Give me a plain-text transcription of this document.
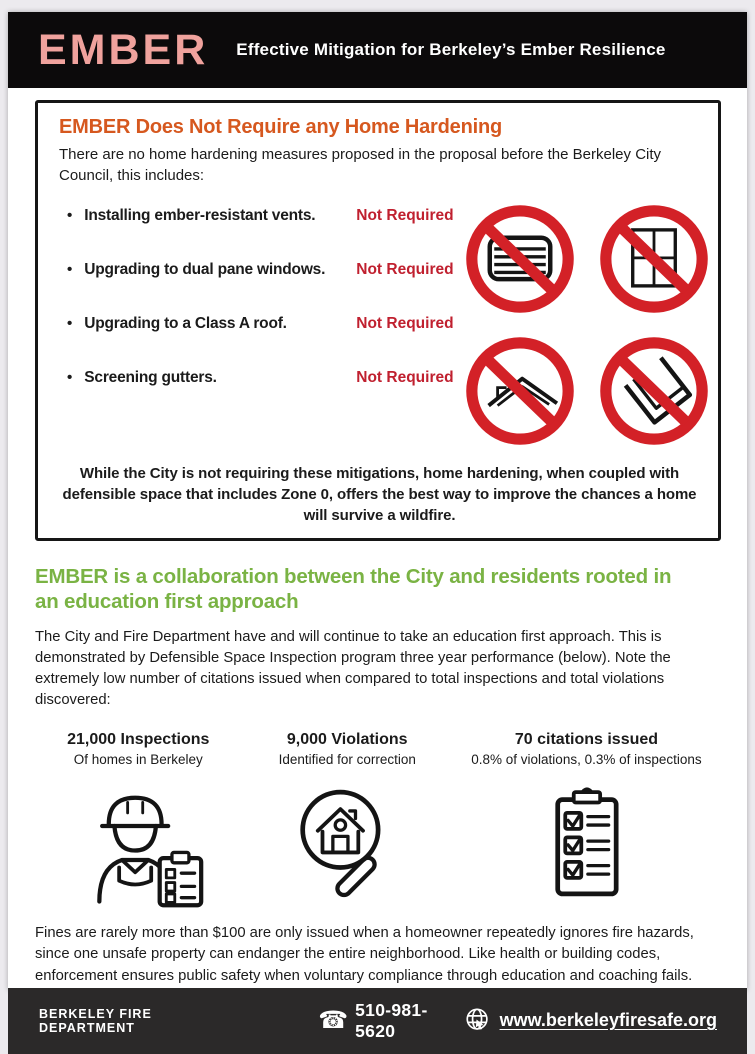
EMBER Effective Mitigation for Berkeley’s Ember Resilience
EMBER Does Not Require any Home Hardening
There are no home hardening measures proposed in the proposal before the Berkeley City Council, this includes:
• Installing ember-resistant vents.	Not Required
• Upgrading to dual pane windows.	Not Required
• Upgrading to a Class A roof.	Not Required
• Screening gutters.	Not Required
While the City is not requiring these mitigations, home hardening, when coupled with defensible space that includes Zone 0, offers the best way to improve the chances a home will survive a wildfire.
EMBER is a collaboration between the City and residents rooted in an education first approach

The City and Fire Department have and will continue to take an education first approach. This is demonstrated by Defensible Space Inspection program three year performance (below). Note the extremely low number of citations issued when compared to total inspections and total violations discovered:

21,000 Inspections
Of homes in Berkeley
9,000 Violations
Identified for correction
70 citations issued
0.8% of violations, 0.3% of inspections

Fines are rarely more than $100 are only issued when a homeowner repeatedly ignores fire hazards, since one unsafe property can endanger the entire neighborhood. Like health or building codes, enforcement ensures public safety when voluntary compliance through education and coaching fails.

BERKELEY FIRE DEPARTMENT	☎ 510-981-5620
www.berkeleyfiresafe.org
